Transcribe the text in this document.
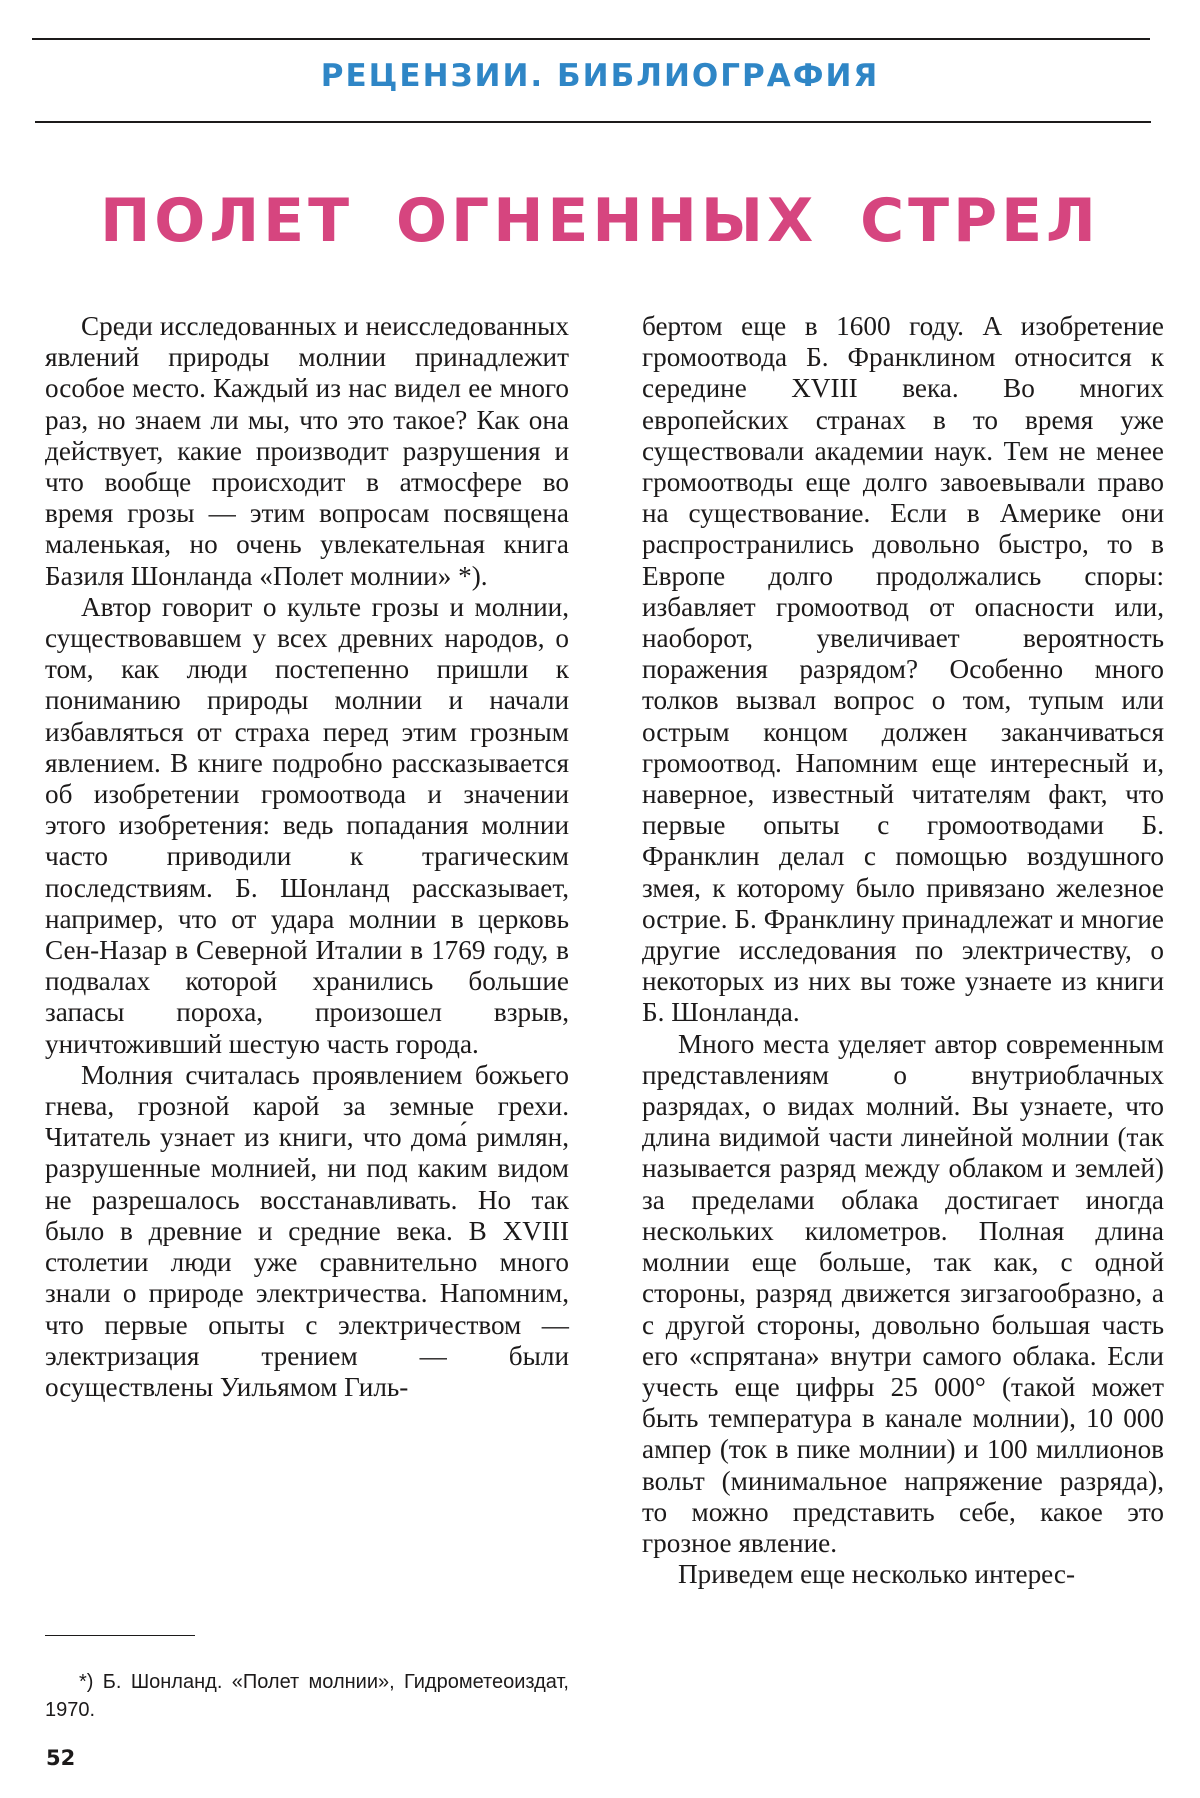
РЕЦЕНЗИИ. БИБЛИОГРАФИЯ
ПОЛЕТ ОГНЕННЫХ СТРЕЛ

Среди исследованных и неисследованных явлений природы молнии принадлежит особое место. Каждый из нас видел ее много раз, но знаем ли мы, что это такое? Как она действует, какие производит разрушения и что вообще происходит в атмосфере во время грозы — этим вопросам посвящена маленькая, но очень увлекательная книга Базиля Шонланда «Полет молнии» *).

Автор говорит о культе грозы и молнии, существовавшем у всех древних народов, о том, как люди постепенно пришли к пониманию природы молнии и начали избавляться от страха перед этим грозным явлением. В книге подробно рассказывается об изобретении громоотвода и значении этого изобретения: ведь попадания молнии часто приводили к трагическим последствиям. Б. Шонланд рассказывает, например, что от удара молнии в церковь Сен-Назар в Северной Италии в 1769 году, в подвалах которой хранились большие запасы пороха, произошел взрыв, уничтоживший шестую часть города.

Молния считалась проявлением божьего гнева, грозной карой за земные грехи. Читатель узнает из книги, что дома́ римлян, разрушенные молнией, ни под каким видом не разрешалось восстанавливать. Но так было в древние и средние века. В XVIII столетии люди уже сравнительно много знали о природе электричества. Напомним, что первые опыты с электричеством — электризация трением — были осуществлены Уильямом Гиль-

бертом еще в 1600 году. А изобретение громоотвода Б. Франклином относится к середине XVIII века. Во многих европейских странах в то время уже существовали академии наук. Тем не менее громоотводы еще долго завоевывали право на существование. Если в Америке они распространились довольно быстро, то в Европе долго продолжались споры: избавляет громоотвод от опасности или, наоборот, увеличивает вероятность поражения разрядом? Особенно много толков вызвал вопрос о том, тупым или острым концом должен заканчиваться громоотвод. Напомним еще интересный и, наверное, известный читателям факт, что первые опыты с громоотводами Б. Франклин делал с помощью воздушного змея, к которому было привязано железное острие. Б. Франклину принадлежат и многие другие исследования по электричеству, о некоторых из них вы тоже узнаете из книги Б. Шонланда.

Много места уделяет автор современным представлениям о внутриоблачных разрядах, о видах молний. Вы узнаете, что длина видимой части линейной молнии (так называется разряд между облаком и землей) за пределами облака достигает иногда нескольких километров. Полная длина молнии еще больше, так как, с одной стороны, разряд движется зигзагообразно, а с другой стороны, довольно большая часть его «спрятана» внутри самого облака. Если учесть еще цифры 25 000° (такой может быть температура в канале молнии), 10 000 ампер (ток в пике молнии) и 100 миллионов вольт (минимальное напряжение разряда), то можно представить себе, какое это грозное явление.

Приведем еще несколько интерес-

*) Б. Шонланд. «Полет молнии», Гидрометеоиздат, 1970.

52
